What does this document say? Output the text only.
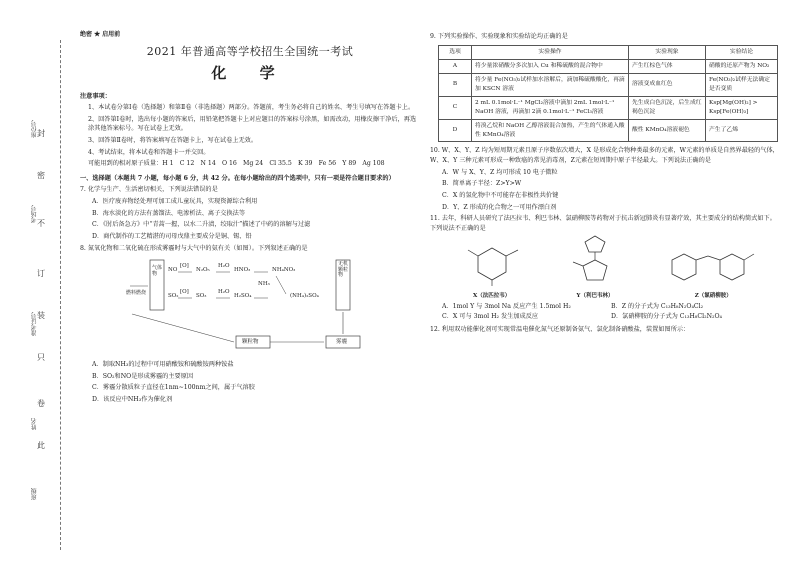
封
密
不
订
装
只
卷
此
座位号
考场号
准考证号
姓名
班级
绝密 ★ 启用前
2021 年普通高等学校招生全国统一考试
化 学

注意事项：

1、本试卷分第Ⅰ卷（选择题）和第Ⅱ卷（非选择题）两部分。答题前，考生务必将自己的姓名、考生号填写在答题卡上。

2、回答第Ⅰ卷时，选出每小题的答案后，用铅笔把答题卡上对应题目的答案标号涂黑，如需改动，用橡皮擦干净后，再选涂其他答案标号。写在试卷上无效。

3、回答第Ⅱ卷时，将答案填写在答题卡上，写在试卷上无效。

4、考试结束，将本试卷和答题卡一并交回。

可能用到的相对原子质量：H 1　C 12　N 14　O 16　Mg 24　Cl 35.5　K 39　Fe 56　Y 89　Ag 108

一、选择题（本题共 7 小题，每小题 6 分，共 42 分。在每小题给出的四个选项中，只有一项是符合题目要求的）

7. 化学与生产、生活密切相关，下列说法错误的是

A．医疗废弃物经处理可加工成儿童玩具，实现资源综合利用

B．海水淡化的方法有蒸馏法、电渗析法、离子交换法等

C．《肘后备急方》中“青蒿一握，以水二升渍，绞取汁”描述了中药的溶解与过滤

D．商代制作的工艺精湛的司母戊鼎主要成分是铜、锡、铅

8. 氮氧化物和二氧化硫在形成雾霾时与大气中的氨有关（如图）。下列叙述正确的是

气体物
无机颗粒物
燃料燃烧
NO
[O]
N₂O₅
H₂O
HNO₃	NH₄NO₃
SO₂
[O]
SO₃
H₂O
H₂SO₄	(NH₄)₂SO₄
NH₃
颗粒物	雾霾

A．制取NH₃的过程中可用硝酸铵和硫酸铵两种铵盐

B．SO₂和NO是形成雾霾的主要原因

C．雾霾分散质粒子直径在1nm~100nm之间，属于气溶胶

D．该反应中NH₃作为催化剂

9. 下列实验操作、实验现象和实验结论均正确的是

选项	实验操作	实验现象	实验结论
A	将少量浓硝酸分多次加入 Cu 和稀硫酸的混合物中	产生红棕色气体	硝酸的还原产物为 NO₂
B	将少量 Fe(NO₃)₂试样加水溶解后，滴加稀硫酸酸化，再滴加 KSCN 溶液	溶液变成血红色	Fe(NO₃)₂试样无法确定是否变质
C	2 mL 0.1mol·L⁻¹ MgCl₂溶液中滴加 2mL 1mol·L⁻¹ NaOH 溶液，再滴加 2滴 0.1mol·L⁻¹ FeCl₃溶液	先生成白色沉淀，后生成红褐色沉淀	Ksp[Mg(OH)₂] > Ksp[Fe(OH)₃]
D	将溴乙烷和 NaOH 乙醇溶液混合加热，产生的气体通入酸性 KMnO₄溶液	酸性 KMnO₄溶液褪色	产生了乙烯

10. W、X、Y、Z 均为短周期元素且原子序数依次增大，X 是形成化合物种类最多的元素，W元素的单质是自然界最轻的气体，W、X、Y 三种元素可形成一种致癌的常见消毒剂，Z元素在短周期中原子半径最大。下列说法正确的是

A．W 与 X、Y、Z 均可形成 10 电子微粒

B．简单离子半径：Z>Y>W

C．X 的氢化物中不可能存在非极性共价键

D．Y、Z 形成的化合物之一可用作漂白剂

11. 去年，科研人员研究了法匹拉韦、利巴韦林、氯硝柳胺等药物对于抗击新冠肺炎有显著疗效，其主要成分的结构简式如下。下列说法不正确的是

X（法匹拉韦）	Y（利巴韦林）	Z（氯硝柳胺）
A．1mol Y 与 3mol Na 反应产生 1.5mol H₂	B．Z 的分子式为 C₁₃H₈N₂O₄Cl₂
C．X 可与 3mol H₂ 发生加成反应	D．氯硝柳胺的分子式为 C₁₃H₈Cl₂N₂O₄

12. 利用双功能催化剂可实现常温电催化氮气还原制备氨气、氯化制备硝酸盐，装置如图所示：
